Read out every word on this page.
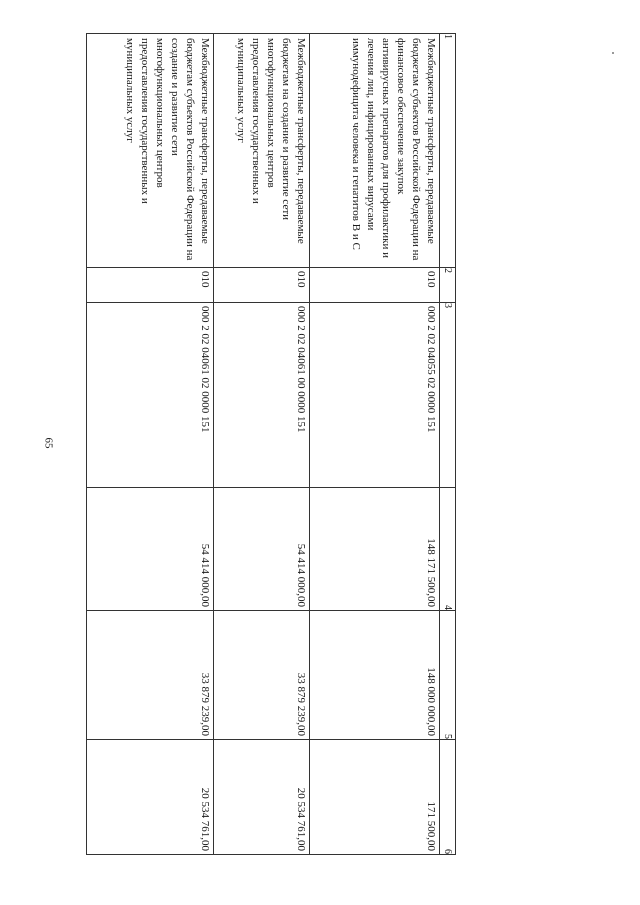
65
1	2	3	4	5	6
Межбюджетные трансферты, передаваемые бюджетам субъектов Российской Федерации на финансовое обеспечение закупок антивирусных препаратов для профилактики и лечения лиц, инфицированных вирусами иммунодефицита человека и гепатитов В и С	010	000 2 02 04055 02 0000 151	148 171 500,00	148 000 000,00	171 500,00
Межбюджетные трансферты, передаваемые бюджетам на создание и развитие сети многофункциональных центров предоставления государственных и муниципальных услуг	010	000 2 02 04061 00 0000 151	54 414 000,00	33 879 239,00	20 534 761,00
Межбюджетные трансферты, передаваемые бюджетам субъектов Российской Федерации на создание и развитие сети многофункциональных центров предоставления государственных и муниципальных услуг	010	000 2 02 04061 02 0000 151	54 414 000,00	33 879 239,00	20 534 761,00
